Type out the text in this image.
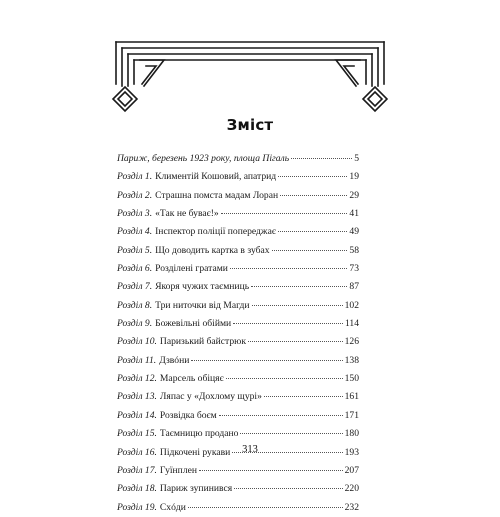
Зміст
Париж, березень 1923 року, площа Пігаль	5
Розділ 1. Климентій Кошовий, апатрид	19
Розділ 2. Страшна помста мадам Лоран	29
Розділ 3. «Так не буває!»	41
Розділ 4. Інспектор поліції попереджає	49
Розділ 5. Що доводить картка в зубах	58
Розділ 6. Розділені гратами	73
Розділ 7. Якоря чужих таємниць	87
Розділ 8. Три ниточки від Магди	102
Розділ 9. Божевільні обійми	114
Розділ 10. Паризький байстрюк	126
Розділ 11. Дзвóни	138
Розділ 12. Марсель обіцяє	150
Розділ 13. Ляпас у «Дохлому щурі»	161
Розділ 14. Розвідка боєм	171
Розділ 15. Таємницю продано	180
Розділ 16. Підкочені рукави	193
Розділ 17. Гуїнплен	207
Розділ 18. Париж зупинився	220
Розділ 19. Схóди	232
313
